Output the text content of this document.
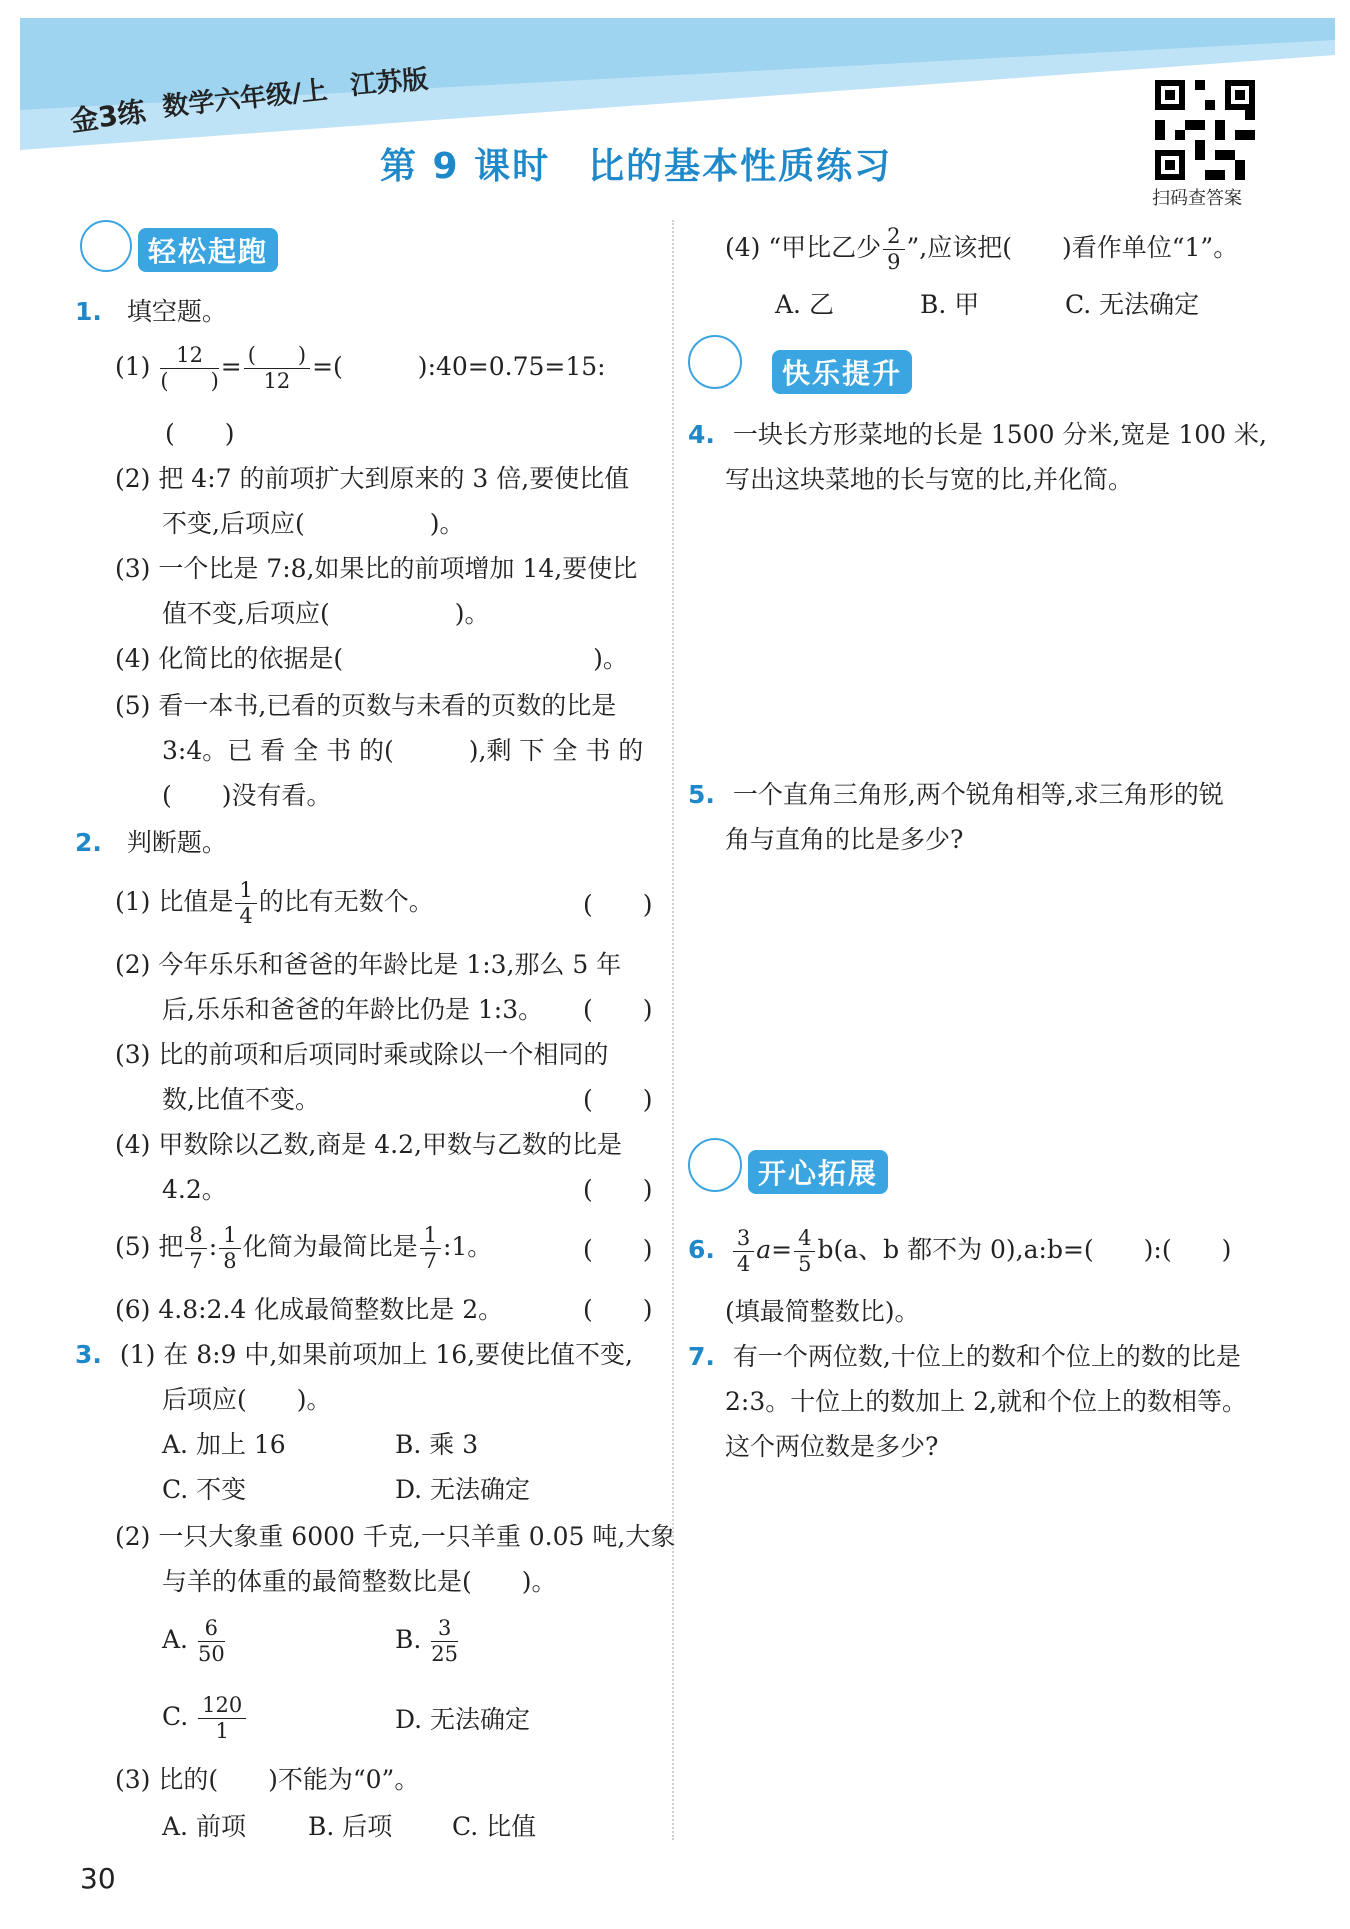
金3练 数学六年级/上 江苏版
第 9 课时　比的基本性质练习
扫码查答案
轻松起跑
1.　 填空题。
$(1) \frac{12}{( )} = \frac{( )}{12}$ =(　　　):40=0.75=15:
(　　)
(2) 把 4:7 的前项扩大到原来的 3 倍,要使比值
不变,后项应(　　　　　)。
(3) 一个比是 7:8,如果比的前项增加 14,要使比
值不变,后项应(　　　　　)。
(4) 化简比的依据是(　　　　　　　　　　)。
(5) 看一本书,已看的页数与未看的页数的比是
3:4。已 看 全 书 的(　　　),剩 下 全 书 的
(　　)没有看。
2.　 判断题。
(1) 比值是 $\frac{1}{4}$ 的比有无数个。	(　　)
(2) 今年乐乐和爸爸的年龄比是 1:3,那么 5 年
后,乐乐和爸爸的年龄比仍是 1:3。 (　　)
(3) 比的前项和后项同时乘或除以一个相同的
数,比值不变。	(　　)
(4) 甲数除以乙数,商是 4.2,甲数与乙数的比是
4.2。	(　　)
(5) 把 $\frac{8}{7}$ : $\frac{1}{8}$ 化简为最简比是 $\frac{1}{7}$ :1。	(　　)
(6) 4.8:2.4 化成最简整数比是 2。	(　　)
3. (1) 在 8:9 中,如果前项加上 16,要使比值不变,
后项应(　　)。
A. 加上 16	B. 乘 3
C. 不变	D. 无法确定
(2) 一只大象重 6000 千克,一只羊重 0.05 吨,大象
与羊的体重的最简整数比是(　　)。
A. $\frac{6}{50}$	B. $\frac{3}{25}$
C. $\frac{120}{1}$	D. 无法确定
(3) 比的(　　)不能为“0”。
A. 前项 B. 后项 C. 比值
(4) “甲比乙少 $\frac{2}{9}$ ”,应该把(　　)看作单位“1”。
A. 乙	B. 甲	C. 无法确定
快乐提升
4. 一块长方形菜地的长是 1500 分米,宽是 100 米,
写出这块菜地的长与宽的比,并化简。
5. 一个直角三角形,两个锐角相等,求三角形的锐
角与直角的比是多少?
开心拓展
6. $\frac{3}{4} a= \frac{4}{5} b(a$、b 都不为 0),a:b=(　　):(　　)
(填最简整数比)。
7. 有一个两位数,十位上的数和个位上的数的比是
2:3。十位上的数加上 2,就和个位上的数相等。
这个两位数是多少?
30
